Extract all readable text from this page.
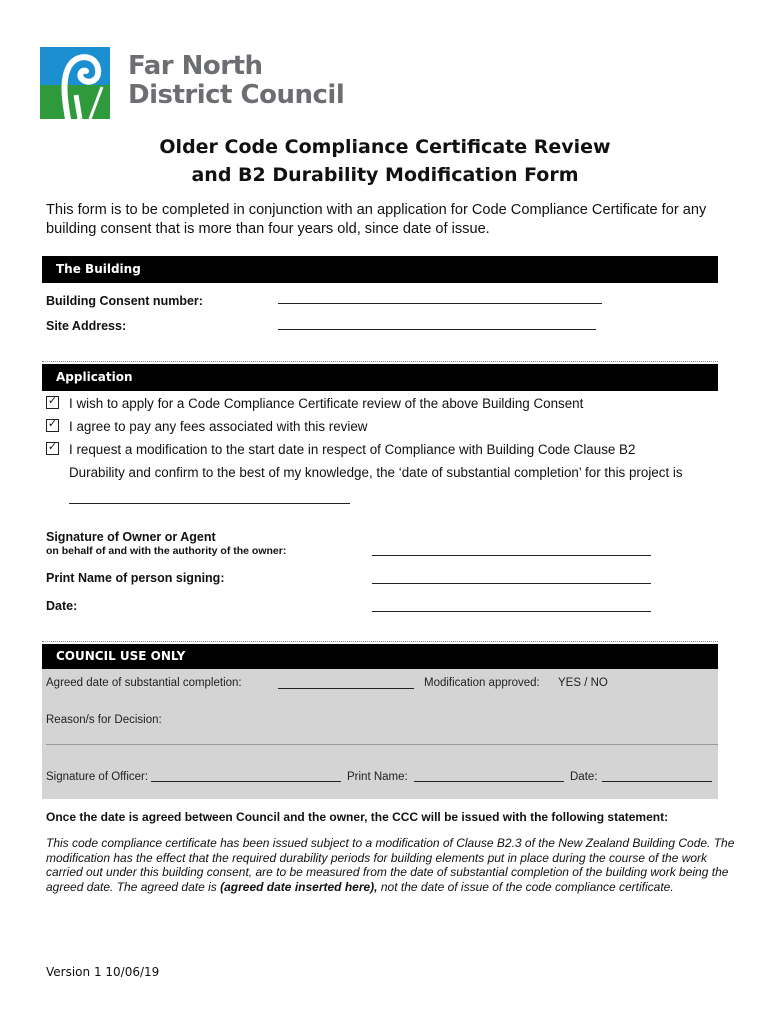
Far North
District Council
Older Code Compliance Certificate Review
and B2 Durability Modification Form
This form is to be completed in conjunction with an application for Code Compliance Certificate for any building consent that is more than four years old, since date of issue.
The Building
Building Consent number:
Site Address:
Application
✓ I wish to apply for a Code Compliance Certificate review of the above Building Consent
✓ I agree to pay any fees associated with this review
✓ I request a modification to the start date in respect of Compliance with Building Code Clause B2
Durability and confirm to the best of my knowledge, the ‘date of substantial completion’ for this project is
Signature of Owner or Agent
on behalf of and with the authority of the owner:
Print Name of person signing:
Date:
COUNCIL USE ONLY
Agreed date of substantial completion:	Modification approved: YES / NO
Reason/s for Decision:
Signature of Officer:	Print Name:	Date:
Once the date is agreed between Council and the owner, the CCC will be issued with the following statement:
This code compliance certificate has been issued subject to a modification of Clause B2.3 of the New Zealand Building Code. The modification has the effect that the required durability periods for building elements put in place during the course of the work carried out under this building consent, are to be measured from the date of substantial completion of the building work being the agreed date. The agreed date is (agreed date inserted here), not the date of issue of the code compliance certificate.
Version 1 10/06/19
